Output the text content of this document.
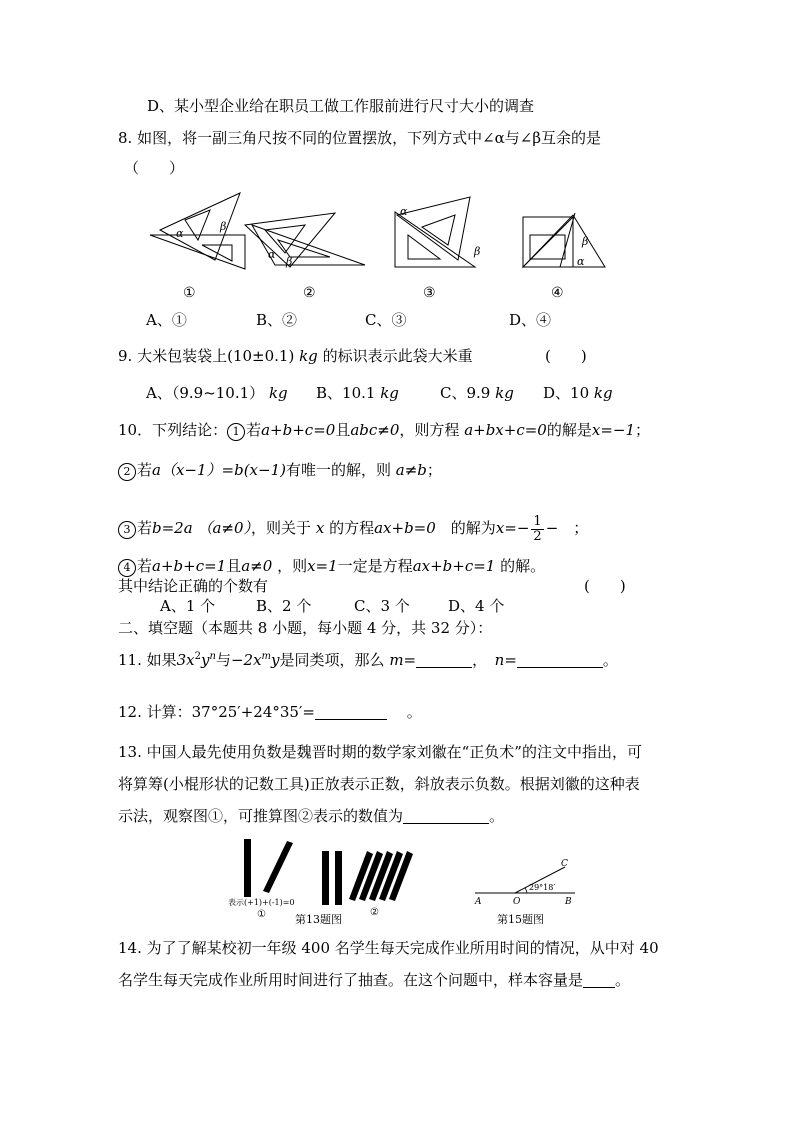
D、某小型企业给在职员工做工作服前进行尺寸大小的调查
8. 如图，将一副三角尺按不同的位置摆放，下列方式中∠α与∠β互余的是
（　　）
α
β
α
β
α
β
β
α
①	②	③	④
A、①	B、②	C、③	D、④
9. 大米包装袋上(10±0.1) kg 的标识表示此袋大米重	(　　)
A、（9.9~10.1） kg B、10.1 kg	C、9.9 kg D、10 kg
10．下列结论： 1 若a+b+c=0且abc≠0，则方程 a+bx+c=0的解是x=−1；
2 若a（x−1）=b(x−1)有唯一的解，则 a≠b；
3 若b=2a （a≠0），则关于 x 的方程ax+b=0　 的解为$x=- \frac{1}{2}$ −　；
4 若a+b+c=1且a≠0 ，则x=1一定是方程ax+b+c=1 的解。
其中结论正确的个数有	(　　)
A、1 个	B、2 个	C、3 个	D、4 个
二、填空题（本题共 8 小题，每小题 4 分，共 32 分）：
11. 如果$3x^2y^n$与$-2x^my$是同类项，那么 m=	，　 n=	。
12. 计算：37°25′+24°35′=　	。
13. 中国人最先使用负数是魏晋时期的数学家刘徽在“正负术”的注文中指出，可
将算筹(小棍形状的记数工具)正放表示正数，斜放表示负数。根据刘徽的这种表
示法，观察图①，可推算图②表示的数值为	。
表示(+1)+(-1)=0
①	②
第13题图
29°18′
C
A	O	B
第15题图
14. 为了了解某校初一年级 400 名学生每天完成作业所用时间的情况，从中对 40
名学生每天完成作业所用时间进行了抽查。在这个问题中，样本容量是 。
